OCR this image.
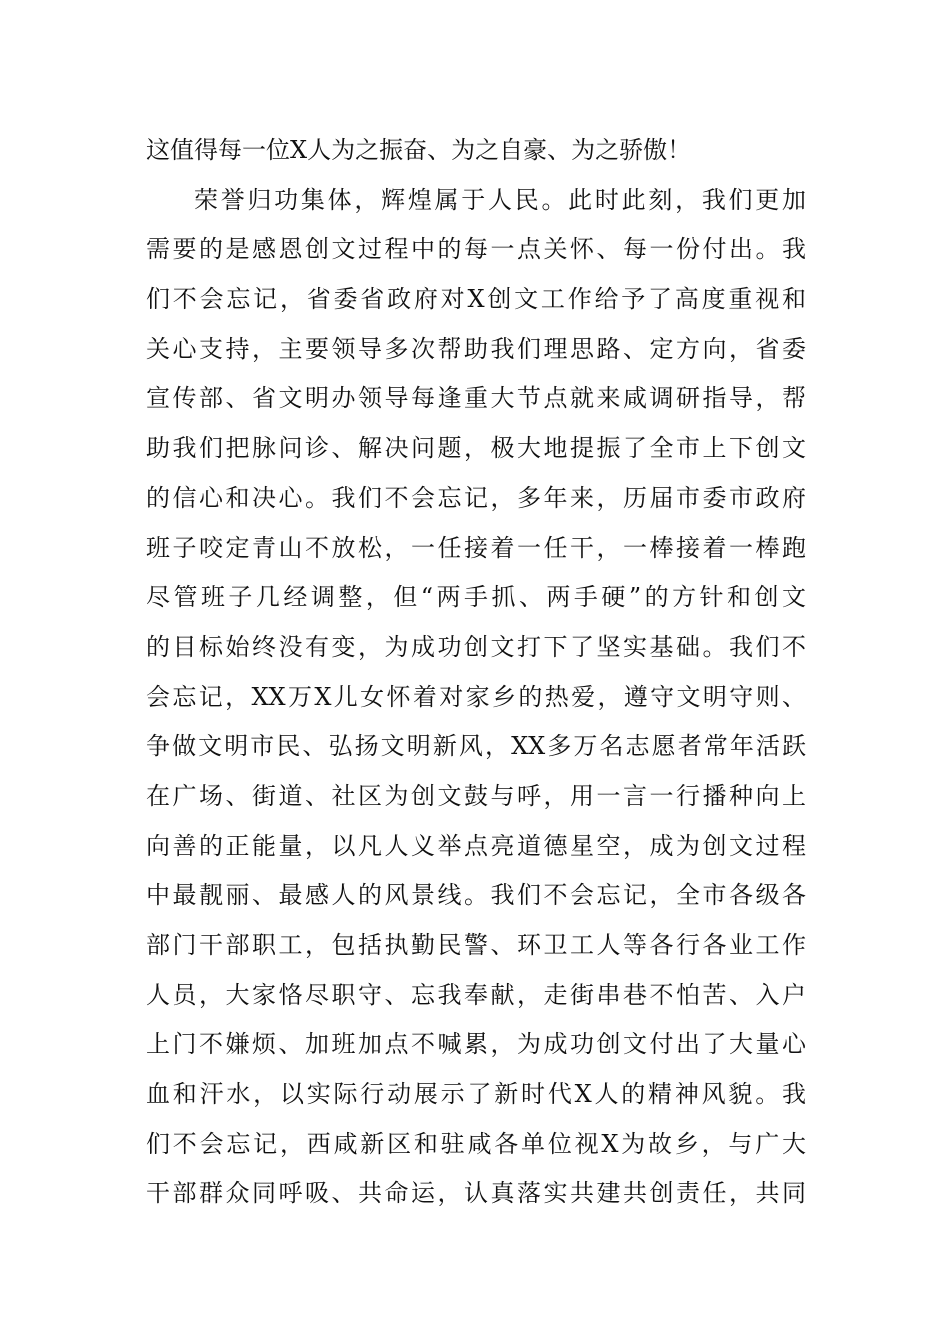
这值得每一位X人为之振奋、为之自豪、为之骄傲！
荣誉归功集体，辉煌属于人民。此时此刻，我们更加
需要的是感恩创文过程中的每一点关怀、每一份付出。我
们不会忘记，省委省政府对X创文工作给予了高度重视和
关心支持，主要领导多次帮助我们理思路、定方向，省委
宣传部、省文明办领导每逢重大节点就来咸调研指导，帮
助我们把脉问诊、解决问题，极大地提振了全市上下创文
的信心和决心。我们不会忘记，多年来，历届市委市政府
班子咬定青山不放松，一任接着一任干，一棒接着一棒跑
尽管班子几经调整，但“两手抓、两手硬”的方针和创文
的目标始终没有变，为成功创文打下了坚实基础。我们不
会忘记，XX万X儿女怀着对家乡的热爱，遵守文明守则、
争做文明市民、弘扬文明新风，XX多万名志愿者常年活跃
在广场、街道、社区为创文鼓与呼，用一言一行播种向上
向善的正能量，以凡人义举点亮道德星空，成为创文过程
中最靓丽、最感人的风景线。我们不会忘记，全市各级各
部门干部职工，包括执勤民警、环卫工人等各行各业工作
人员，大家恪尽职守、忘我奉献，走街串巷不怕苦、入户
上门不嫌烦、加班加点不喊累，为成功创文付出了大量心
血和汗水，以实际行动展示了新时代X人的精神风貌。我
们不会忘记，西咸新区和驻咸各单位视X为故乡，与广大
干部群众同呼吸、共命运，认真落实共建共创责任，共同
